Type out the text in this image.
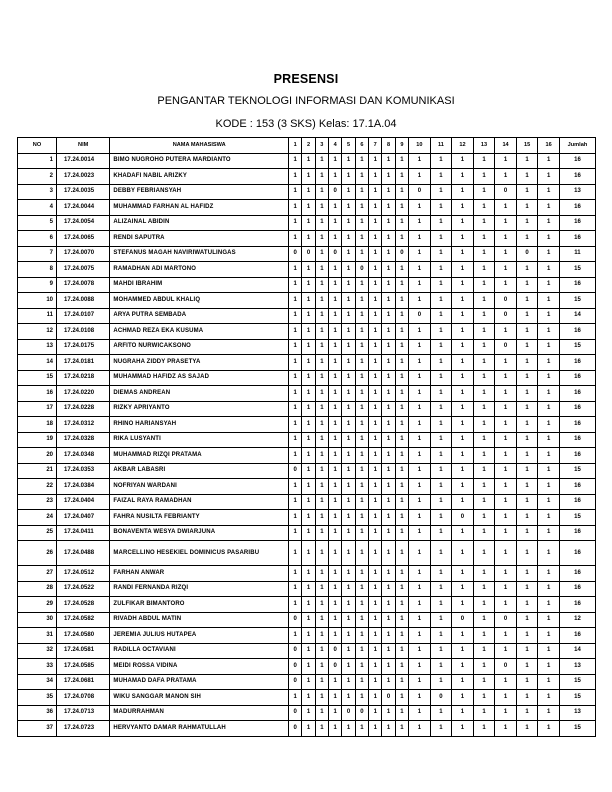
PRESENSI
PENGANTAR TEKNOLOGI INFORMASI DAN KOMUNIKASI
KODE : 153 (3 SKS) Kelas: 17.1A.04
NO	NIM	NAMA MAHASISWA	1	2	3	4	5	6	7	8	9	10	11	12	13	14	15	16	Jumlah
1	17.24.0014	BIMO NUGROHO PUTERA MARDIANTO	1	1	1	1	1	1	1	1	1	1	1	1	1	1	1	1	16
2	17.24.0023	KHADAFI NABIL ARIZKY	1	1	1	1	1	1	1	1	1	1	1	1	1	1	1	1	16
3	17.24.0035	DEBBY FEBRIANSYAH	1	1	1	0	1	1	1	1	1	0	1	1	1	0	1	1	13
4	17.24.0044	MUHAMMAD FARHAN AL HAFIDZ	1	1	1	1	1	1	1	1	1	1	1	1	1	1	1	1	16
5	17.24.0054	ALIZAINAL ABIDIN	1	1	1	1	1	1	1	1	1	1	1	1	1	1	1	1	16
6	17.24.0065	RENDI SAPUTRA	1	1	1	1	1	1	1	1	1	1	1	1	1	1	1	1	16
7	17.24.0070	STEFANUS MAGAH NAVIRIWATULINGAS	0	0	1	0	1	1	1	1	0	1	1	1	1	1	0	1	11
8	17.24.0075	RAMADHAN ADI MARTONO	1	1	1	1	1	0	1	1	1	1	1	1	1	1	1	1	15
9	17.24.0078	MAHDI IBRAHIM	1	1	1	1	1	1	1	1	1	1	1	1	1	1	1	1	16
10	17.24.0088	MOHAMMED ABDUL KHALIQ	1	1	1	1	1	1	1	1	1	1	1	1	1	0	1	1	15
11	17.24.0107	ARYA PUTRA SEMBADA	1	1	1	1	1	1	1	1	1	0	1	1	1	0	1	1	14
12	17.24.0108	ACHMAD REZA EKA KUSUMA	1	1	1	1	1	1	1	1	1	1	1	1	1	1	1	1	16
13	17.24.0175	ARFITO NURWICAKSONO	1	1	1	1	1	1	1	1	1	1	1	1	1	0	1	1	15
14	17.24.0181	NUGRAHA ZIDDY PRASETYA	1	1	1	1	1	1	1	1	1	1	1	1	1	1	1	1	16
15	17.24.0218	MUHAMMAD HAFIDZ AS SAJAD	1	1	1	1	1	1	1	1	1	1	1	1	1	1	1	1	16
16	17.24.0220	DIEMAS ANDREAN	1	1	1	1	1	1	1	1	1	1	1	1	1	1	1	1	16
17	17.24.0228	RIZKY APRIYANTO	1	1	1	1	1	1	1	1	1	1	1	1	1	1	1	1	16
18	17.24.0312	RHINO HARIANSYAH	1	1	1	1	1	1	1	1	1	1	1	1	1	1	1	1	16
19	17.24.0328	RIKA LUSYANTI	1	1	1	1	1	1	1	1	1	1	1	1	1	1	1	1	16
20	17.24.0348	MUHAMMAD RIZQI PRATAMA	1	1	1	1	1	1	1	1	1	1	1	1	1	1	1	1	16
21	17.24.0353	AKBAR LABASRI	0	1	1	1	1	1	1	1	1	1	1	1	1	1	1	1	15
22	17.24.0384	NOFRIYAN WARDANI	1	1	1	1	1	1	1	1	1	1	1	1	1	1	1	1	16
23	17.24.0404	FAIZAL RAYA RAMADHAN	1	1	1	1	1	1	1	1	1	1	1	1	1	1	1	1	16
24	17.24.0407	FAHRA NUSILTA FEBRIANTY	1	1	1	1	1	1	1	1	1	1	1	0	1	1	1	1	15
25	17.24.0411	BONAVENTA WESYA DWIARJUNA	1	1	1	1	1	1	1	1	1	1	1	1	1	1	1	1	16
26	17.24.0488	MARCELLINO HESEKIEL DOMINICUS PASARIBU	1	1	1	1	1	1	1	1	1	1	1	1	1	1	1	1	16
27	17.24.0512	FARHAN ANWAR	1	1	1	1	1	1	1	1	1	1	1	1	1	1	1	1	16
28	17.24.0522	RANDI FERNANDA RIZQI	1	1	1	1	1	1	1	1	1	1	1	1	1	1	1	1	16
29	17.24.0528	ZULFIKAR BIMANTORO	1	1	1	1	1	1	1	1	1	1	1	1	1	1	1	1	16
30	17.24.0582	RIVADH ABDUL MATIN	0	1	1	1	1	1	1	1	1	1	1	0	1	0	1	1	12
31	17.24.0580	JEREMIA JULIUS HUTAPEA	1	1	1	1	1	1	1	1	1	1	1	1	1	1	1	1	16
32	17.24.0581	RADILLA OCTAVIANI	0	1	1	0	1	1	1	1	1	1	1	1	1	1	1	1	14
33	17.24.0585	MEIDI ROSSA VIDINA	0	1	1	0	1	1	1	1	1	1	1	1	1	0	1	1	13
34	17.24.0681	MUHAMAD DAFA PRATAMA	0	1	1	1	1	1	1	1	1	1	1	1	1	1	1	1	15
35	17.24.0708	WIKU SANGGAR MANON SIH	1	1	1	1	1	1	1	0	1	1	0	1	1	1	1	1	15
36	17.24.0713	MADURRAHMAN	0	1	1	1	0	0	1	1	1	1	1	1	1	1	1	1	13
37	17.24.0723	HERVYANTO DAMAR RAHMATULLAH	0	1	1	1	1	1	1	1	1	1	1	1	1	1	1	1	15
